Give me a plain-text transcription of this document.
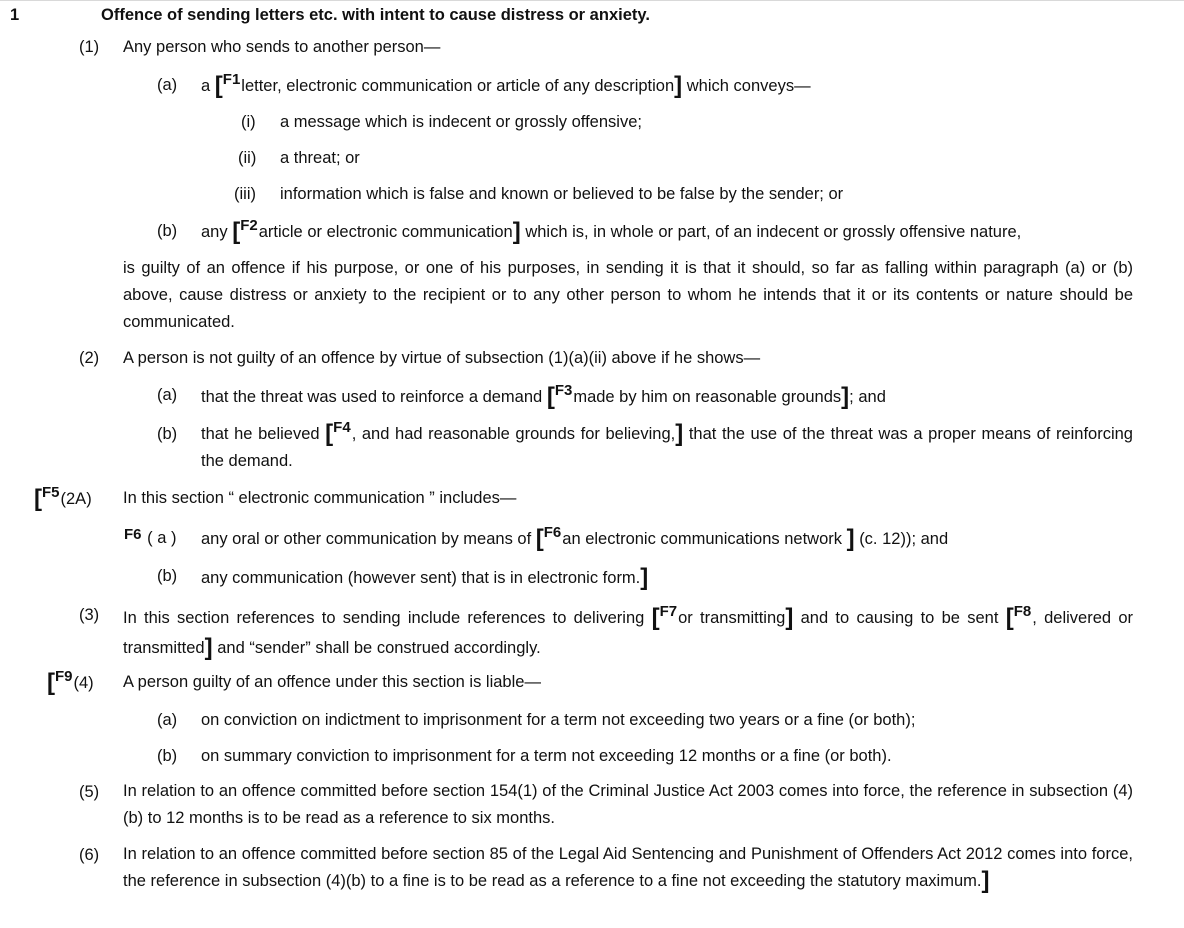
1	Offence of sending letters etc. with intent to cause distress or anxiety.
(1) Any person who sends to another person—
(a) a [F1letter, electronic communication or article of any description] which conveys—
(i) a message which is indecent or grossly offensive;
(ii) a threat; or
(iii) information which is false and known or believed to be false by the sender; or
(b) any [F2article or electronic communication] which is, in whole or part, of an indecent or grossly offensive nature,
is guilty of an offence if his purpose, or one of his purposes, in sending it is that it should, so far as falling within paragraph (a) or (b) above, cause distress or anxiety to the recipient or to any other person to whom he intends that it or its contents or nature should be communicated.
(2) A person is not guilty of an offence by virtue of subsection (1)(a)(ii) above if he shows—
(a) that the threat was used to reinforce a demand [F3made by him on reasonable grounds]; and
(b) that he believed [F4, and had reasonable grounds for believing,] that the use of the threat was a proper means of reinforcing the demand.
[F5(2A) In this section “ electronic communication ” includes—
F6 ( a ) any oral or other communication by means of [F6an electronic communications network ] (c. 12)); and
(b) any communication (however sent) that is in electronic form.]
(3) In this section references to sending include references to delivering [F7or transmitting] and to causing to be sent [F8, delivered or transmitted] and “sender” shall be construed accordingly.
[F9(4) A person guilty of an offence under this section is liable—
(a) on conviction on indictment to imprisonment for a term not exceeding two years or a fine (or both);
(b) on summary conviction to imprisonment for a term not exceeding 12 months or a fine (or both).
(5) In relation to an offence committed before section 154(1) of the Criminal Justice Act 2003 comes into force, the reference in subsection (4)(b) to 12 months is to be read as a reference to six months.
(6) In relation to an offence committed before section 85 of the Legal Aid Sentencing and Punishment of Offenders Act 2012 comes into force, the reference in subsection (4)(b) to a fine is to be read as a reference to a fine not exceeding the statutory maximum.]
